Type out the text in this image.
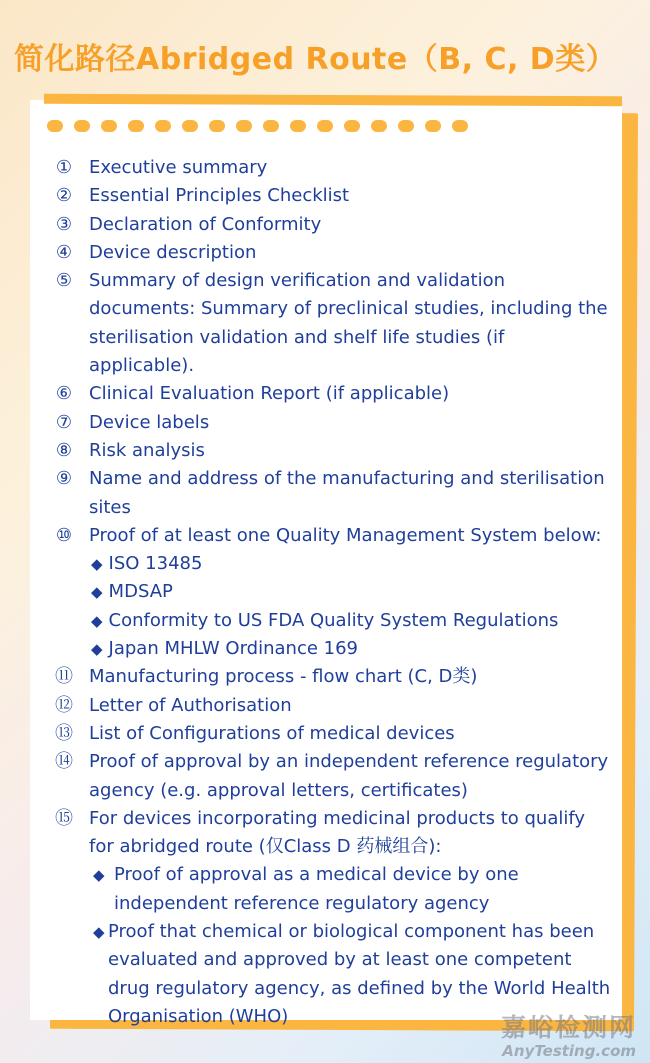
简化路径Abridged Route（B, C, D类）
① Executive summary
② Essential Principles Checklist
③ Declaration of Conformity
④ Device description
⑤ Summary of design verification and validation documents: Summary of preclinical studies, including the sterilisation validation and shelf life studies (if applicable).
⑥ Clinical Evaluation Report (if applicable)
⑦ Device labels
⑧ Risk analysis
⑨ Name and address of the manufacturing and sterilisation sites
⑩ Proof of at least one Quality Management System below:
◆ ISO 13485
◆ MDSAP
◆ Conformity to US FDA Quality System Regulations
◆ Japan MHLW Ordinance 169
⑪ Manufacturing process - flow chart (C, D类)
⑫ Letter of Authorisation
⑬ List of Configurations of medical devices
⑭ Proof of approval by an independent reference regulatory agency (e.g. approval letters, certificates)
⑮ For devices incorporating medicinal products to qualify for abridged route (仅Class D 药械组合):
◆ Proof of approval as a medical device by one independent reference regulatory agency
◆ Proof that chemical or biological component has been evaluated and approved by at least one competent drug regulatory agency, as defined by the World Health Organisation (WHO)	嘉峪检测网
AnyTesting.com
